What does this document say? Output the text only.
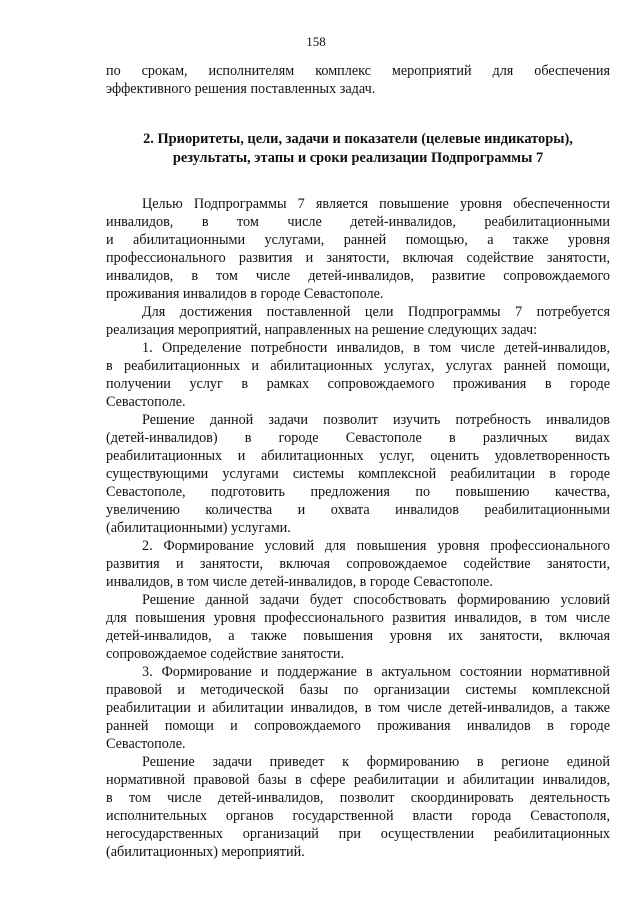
158
по срокам, исполнителям комплекс мероприятий для обеспечения
эффективного решения поставленных задач.
2. Приоритеты, цели, задачи и показатели (целевые индикаторы),
результаты, этапы и сроки реализации Подпрограммы 7
Целью Подпрограммы 7 является повышение уровня обеспеченности
инвалидов, в том числе детей-инвалидов, реабилитационными
и абилитационными услугами, ранней помощью, а также уровня
профессионального развития и занятости, включая содействие занятости,
инвалидов, в том числе детей-инвалидов, развитие сопровождаемого
проживания инвалидов в городе Севастополе.
Для достижения поставленной цели Подпрограммы 7 потребуется
реализация мероприятий, направленных на решение следующих задач:
1. Определение потребности инвалидов, в том числе детей-инвалидов,
в реабилитационных и абилитационных услугах, услугах ранней помощи,
получении услуг в рамках сопровождаемого проживания в городе
Севастополе.
Решение данной задачи позволит изучить потребность инвалидов
(детей-инвалидов) в городе Севастополе в различных видах
реабилитационных и абилитационных услуг, оценить удовлетворенность
существующими услугами системы комплексной реабилитации в городе
Севастополе, подготовить предложения по повышению качества,
увеличению количества и охвата инвалидов реабилитационными
(абилитационными) услугами.
2. Формирование условий для повышения уровня профессионального
развития и занятости, включая сопровождаемое содействие занятости,
инвалидов, в том числе детей-инвалидов, в городе Севастополе.
Решение данной задачи будет способствовать формированию условий
для повышения уровня профессионального развития инвалидов, в том числе
детей-инвалидов, а также повышения уровня их занятости, включая
сопровождаемое содействие занятости.
3. Формирование и поддержание в актуальном состоянии нормативной
правовой и методической базы по организации системы комплексной
реабилитации и абилитации инвалидов, в том числе детей-инвалидов, а также
ранней помощи и сопровождаемого проживания инвалидов в городе
Севастополе.
Решение задачи приведет к формированию в регионе единой
нормативной правовой базы в сфере реабилитации и абилитации инвалидов,
в том числе детей-инвалидов, позволит скоординировать деятельность
исполнительных органов государственной власти города Севастополя,
негосударственных организаций при осуществлении реабилитационных
(абилитационных) мероприятий.
